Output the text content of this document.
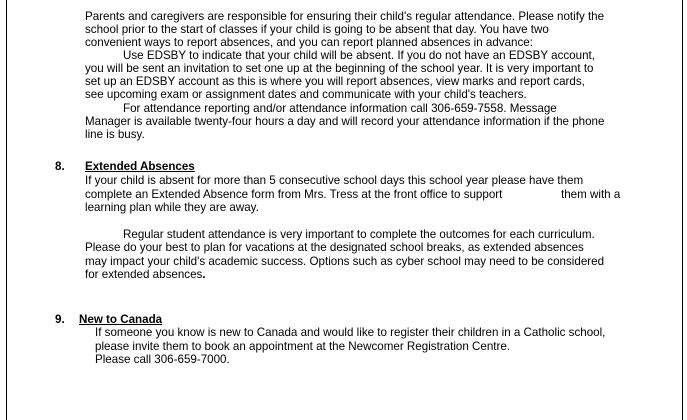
Parents and caregivers are responsible for ensuring their child's regular attendance. Please notify the
school prior to the start of classes if your child is going to be absent that day. You have two
convenient ways to report absences, and you can report planned absences in advance:
Use EDSBY to indicate that your child will be absent. If you do not have an EDSBY account,
you will be sent an invitation to set one up at the beginning of the school year. It is very important to
set up an EDSBY account as this is where you will report absences, view marks and report cards,
see upcoming exam or assignment dates and communicate with your child's teachers.
For attendance reporting and/or attendance information call 306-659-7558. Message
Manager is available twenty-four hours a day and will record your attendance information if the phone
line is busy.
8. Extended Absences
If your child is absent for more than 5 consecutive school days this school year please have them
complete an Extended Absence form from Mrs. Tress at the front office to support	them with a
learning plan while they are away.
Regular student attendance is very important to complete the outcomes for each curriculum.
Please do your best to plan for vacations at the designated school breaks, as extended absences
may impact your child's academic success. Options such as cyber school may need to be considered
for extended absences.
9. New to Canada
If someone you know is new to Canada and would like to register their children in a Catholic school,
please invite them to book an appointment at the Newcomer Registration Centre.
Please call 306-659-7000.
